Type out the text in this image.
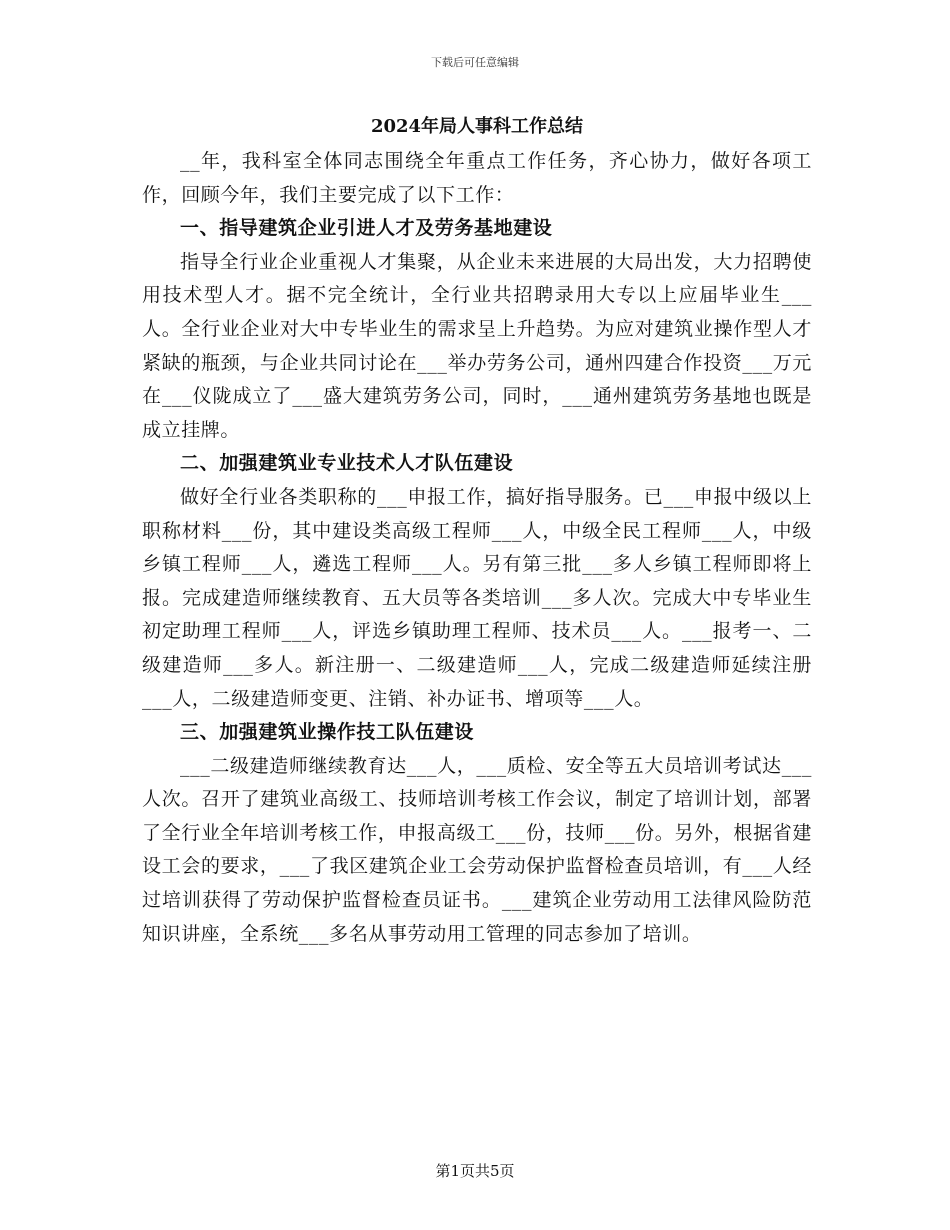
下载后可任意编辑
2024年局人事科工作总结

__年，我科室全体同志围绕全年重点工作任务，齐心协力，做好各项工作，回顾今年，我们主要完成了以下工作：

一、指导建筑企业引进人才及劳务基地建设

指导全行业企业重视人才集聚，从企业未来进展的大局出发，大力招聘使用技术型人才。据不完全统计，全行业共招聘录用大专以上应届毕业生___人。全行业企业对大中专毕业生的需求呈上升趋势。为应对建筑业操作型人才紧缺的瓶颈，与企业共同讨论在___举办劳务公司，通州四建合作投资___万元在___仪陇成立了___盛大建筑劳务公司，同时，___通州建筑劳务基地也既是成立挂牌。

二、加强建筑业专业技术人才队伍建设

做好全行业各类职称的___申报工作，搞好指导服务。已___申报中级以上职称材料___份，其中建设类高级工程师___人，中级全民工程师___人，中级乡镇工程师___人，遴选工程师___人。另有第三批___多人乡镇工程师即将上报。完成建造师继续教育、五大员等各类培训___多人次。完成大中专毕业生初定助理工程师___人，评选乡镇助理工程师、技术员___人。___报考一、二级建造师___多人。新注册一、二级建造师___人，完成二级建造师延续注册___人，二级建造师变更、注销、补办证书、增项等___人。

三、加强建筑业操作技工队伍建设

___二级建造师继续教育达___人，___质检、安全等五大员培训考试达___人次。召开了建筑业高级工、技师培训考核工作会议，制定了培训计划，部署了全行业全年培训考核工作，申报高级工___份，技师___份。另外，根据省建设工会的要求，___了我区建筑企业工会劳动保护监督检查员培训，有___人经过培训获得了劳动保护监督检查员证书。___建筑企业劳动用工法律风险防范知识讲座，全系统___多名从事劳动用工管理的同志参加了培训。

第1页共5页
